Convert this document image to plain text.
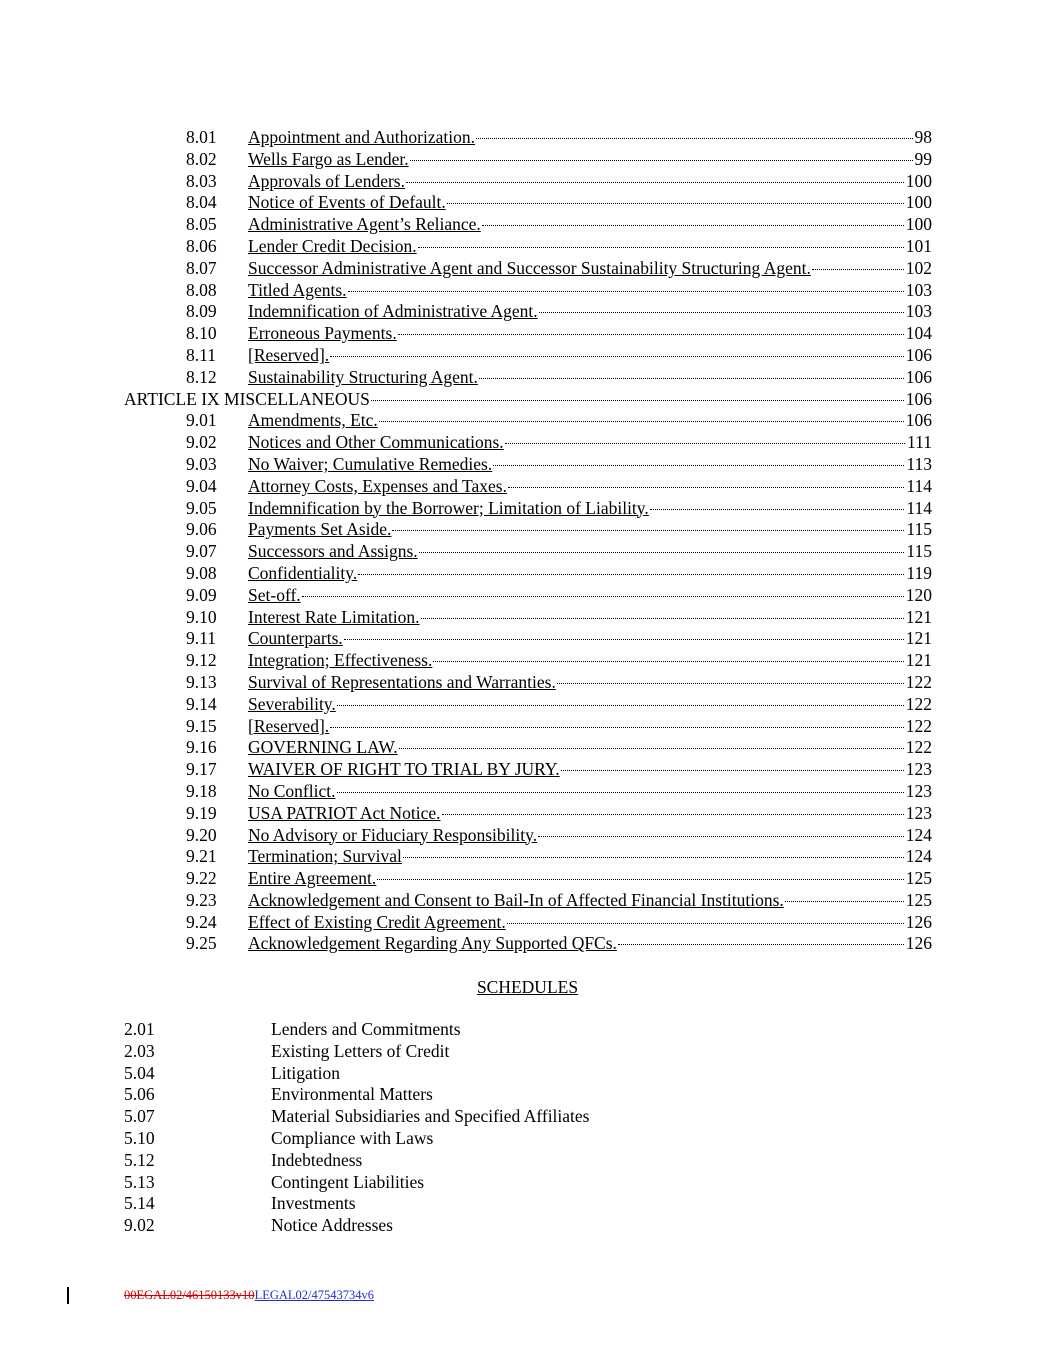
8.01	Appointment and Authorization.	98
8.02	Wells Fargo as Lender.	99
8.03	Approvals of Lenders.	100
8.04	Notice of Events of Default.	100
8.05	Administrative Agent’s Reliance.	100
8.06	Lender Credit Decision.	101
8.07	Successor Administrative Agent and Successor Sustainability Structuring Agent.	102
8.08	Titled Agents.	103
8.09	Indemnification of Administrative Agent.	103
8.10	Erroneous Payments.	104
8.11	[Reserved].	106
8.12	Sustainability Structuring Agent.	106
ARTICLE IX MISCELLANEOUS	106
9.01	Amendments, Etc.	106
9.02	Notices and Other Communications.	111
9.03	No Waiver; Cumulative Remedies.	113
9.04	Attorney Costs, Expenses and Taxes.	114
9.05	Indemnification by the Borrower; Limitation of Liability.	114
9.06	Payments Set Aside.	115
9.07	Successors and Assigns.	115
9.08	Confidentiality.	119
9.09	Set-off.	120
9.10	Interest Rate Limitation.	121
9.11	Counterparts.	121
9.12	Integration; Effectiveness.	121
9.13	Survival of Representations and Warranties.	122
9.14	Severability.	122
9.15	[Reserved].	122
9.16	GOVERNING LAW.	122
9.17	WAIVER OF RIGHT TO TRIAL BY JURY.	123
9.18	No Conflict.	123
9.19	USA PATRIOT Act Notice.	123
9.20	No Advisory or Fiduciary Responsibility.	124
9.21	Termination; Survival	124
9.22	Entire Agreement.	125
9.23	Acknowledgement and Consent to Bail-In of Affected Financial Institutions.	125
9.24	Effect of Existing Credit Agreement.	126
9.25	Acknowledgement Regarding Any Supported QFCs.	126
SCHEDULES
2.01	Lenders and Commitments
2.03	Existing Letters of Credit
5.04	Litigation
5.06	Environmental Matters
5.07	Material Subsidiaries and Specified Affiliates
5.10	Compliance with Laws
5.12	Indebtedness
5.13	Contingent Liabilities
5.14	Investments
9.02	Notice Addresses
00EGAL02/46150133v10LEGAL02/47543734v6
